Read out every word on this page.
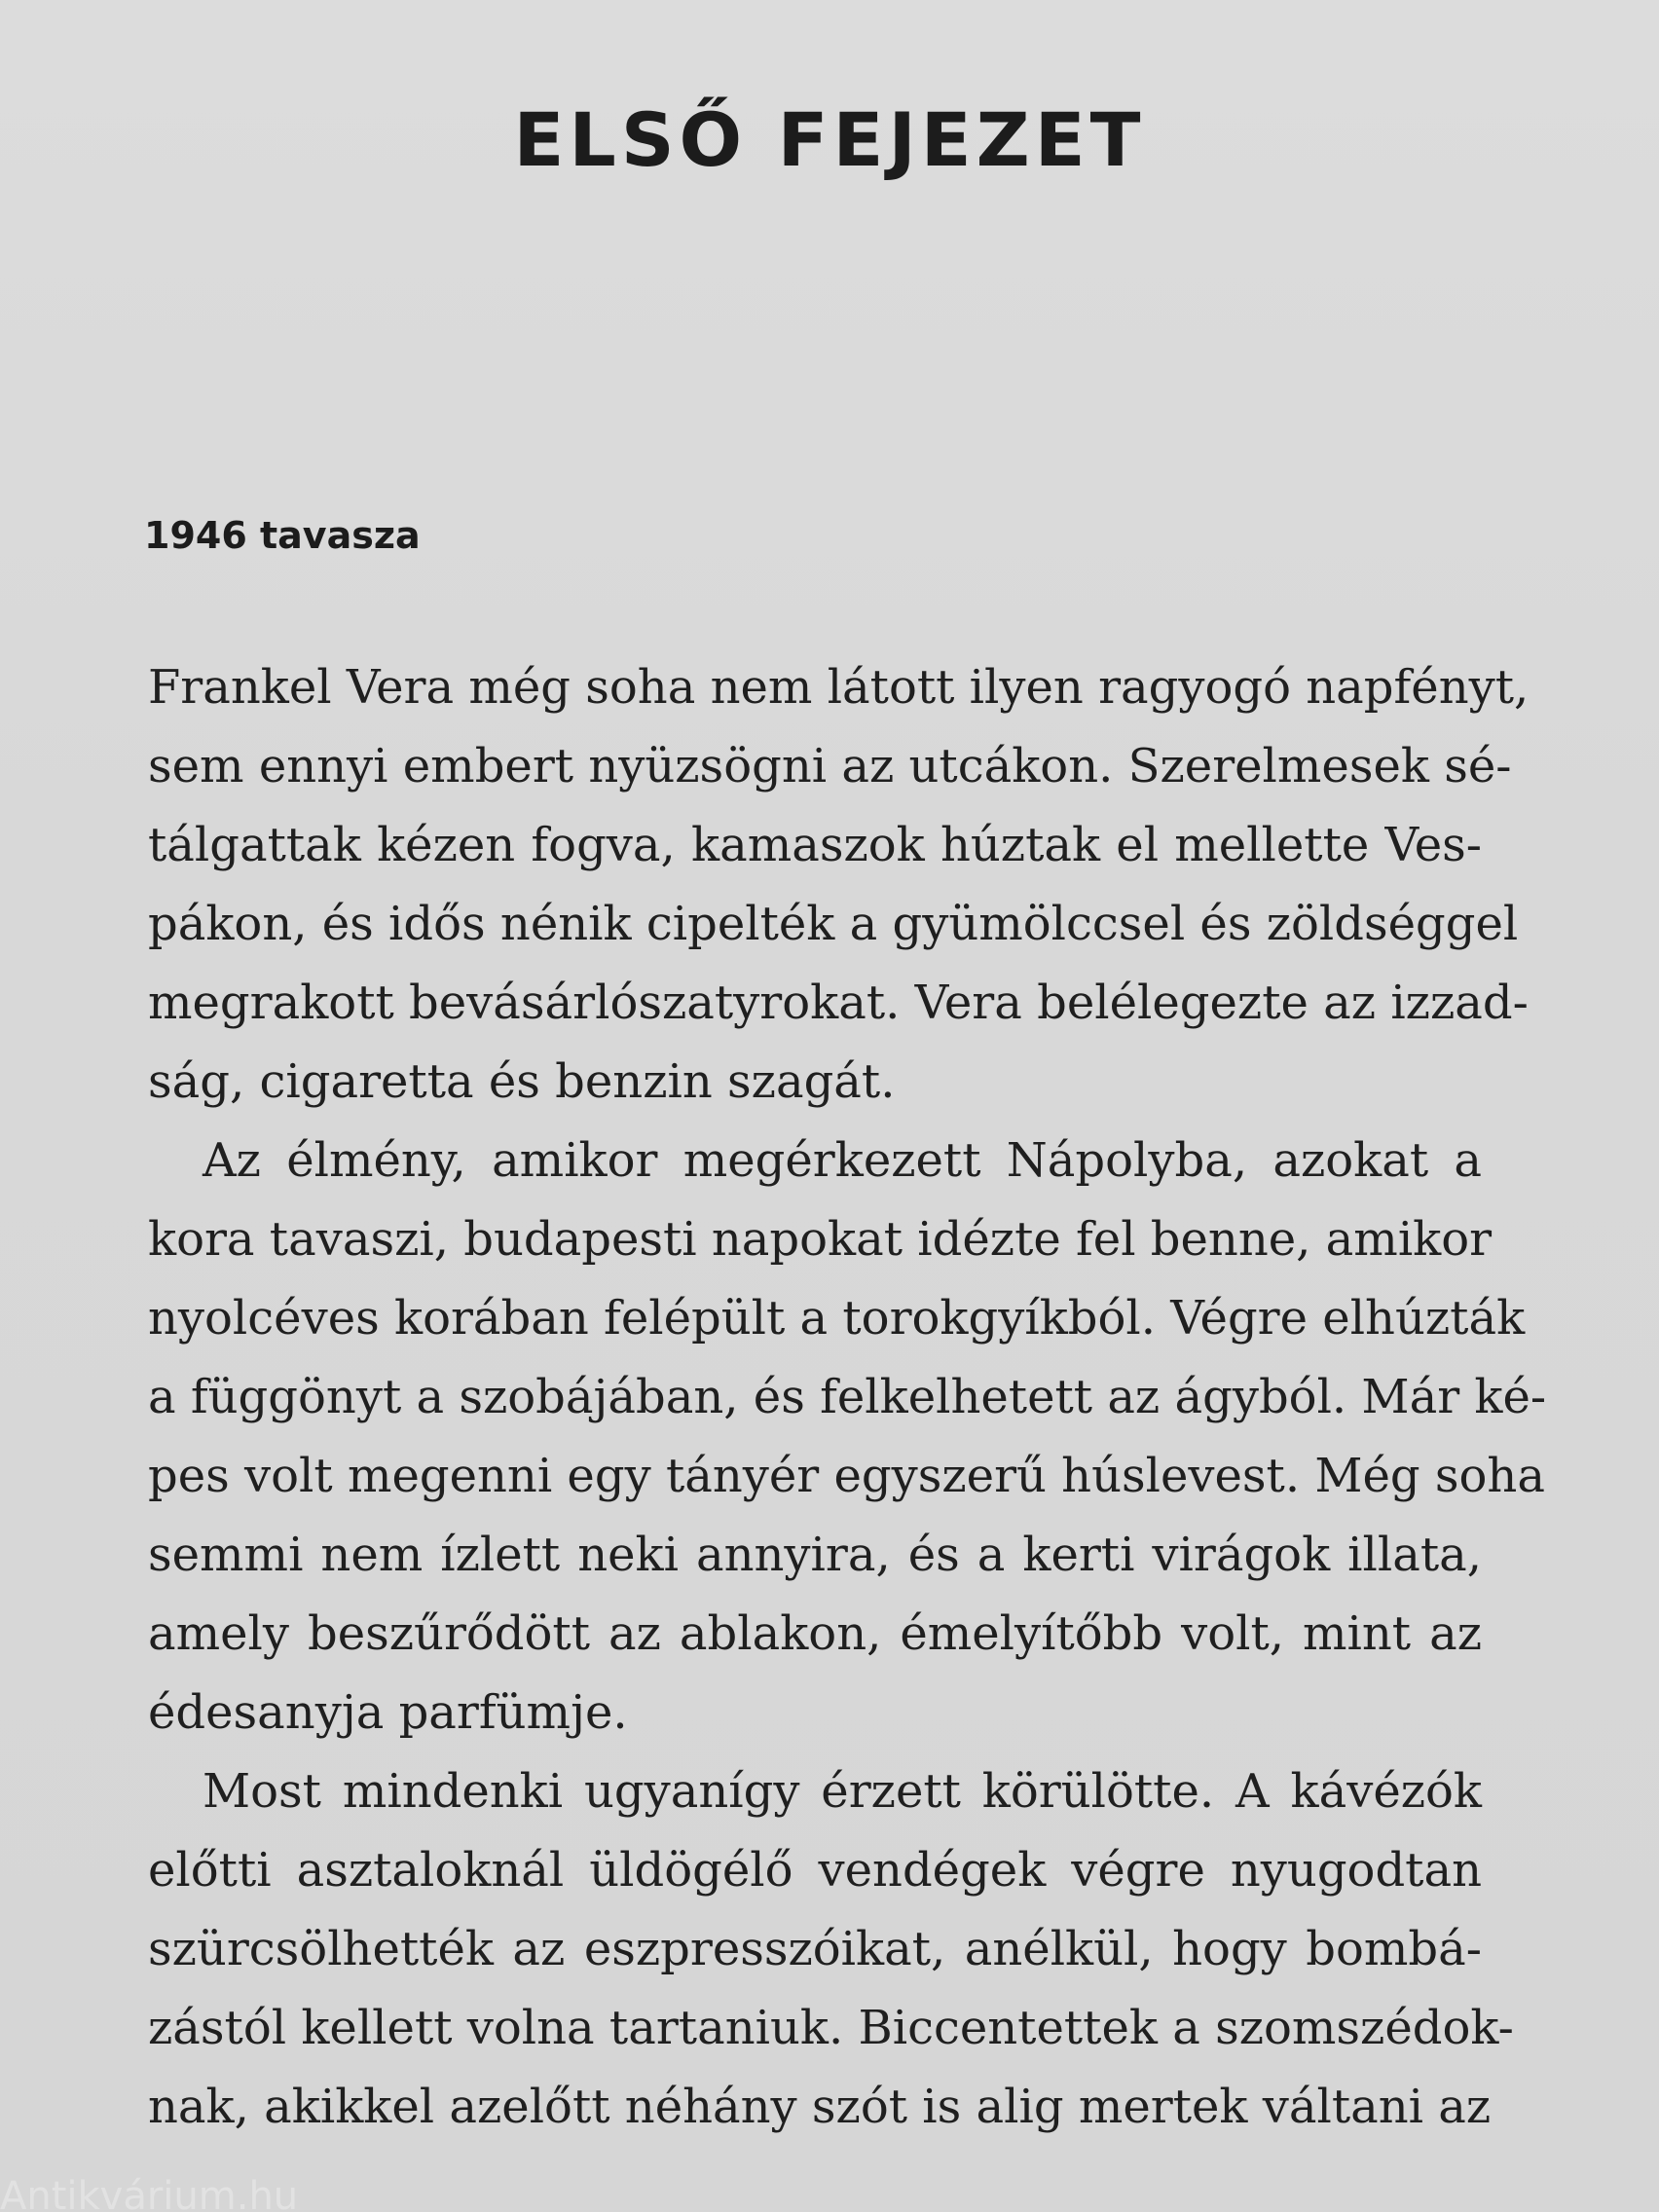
ELSŐ FEJEZET
1946 tavasza
Frankel Vera még soha nem látott ilyen ragyogó napfényt,
sem ennyi embert nyüzsögni az utcákon. Szerelmesek sé-
tálgattak kézen fogva, kamaszok húztak el mellette Ves-
pákon, és idős nénik cipelték a gyümölccsel és zöldséggel
megrakott bevásárlószatyrokat. Vera belélegezte az izzad-
ság, cigaretta és benzin szagát.
Az élmény, amikor megérkezett Nápolyba, azokat a
kora tavaszi, budapesti napokat idézte fel benne, amikor
nyolcéves korában felépült a torokgyíkból. Végre elhúzták
a függönyt a szobájában, és felkelhetett az ágyból. Már ké-
pes volt megenni egy tányér egyszerű húslevest. Még soha
semmi nem ízlett neki annyira, és a kerti virágok illata,
amely beszűrődött az ablakon, émelyítőbb volt, mint az
édesanyja parfümje.
Most mindenki ugyanígy érzett körülötte. A kávézók
előtti asztaloknál üldögélő vendégek végre nyugodtan
szürcsölhették az eszpresszóikat, anélkül, hogy bombá-
zástól kellett volna tartaniuk. Biccentettek a szomszédok-
nak, akikkel azelőtt néhány szót is alig mertek váltani az
Antikvárium.hu
